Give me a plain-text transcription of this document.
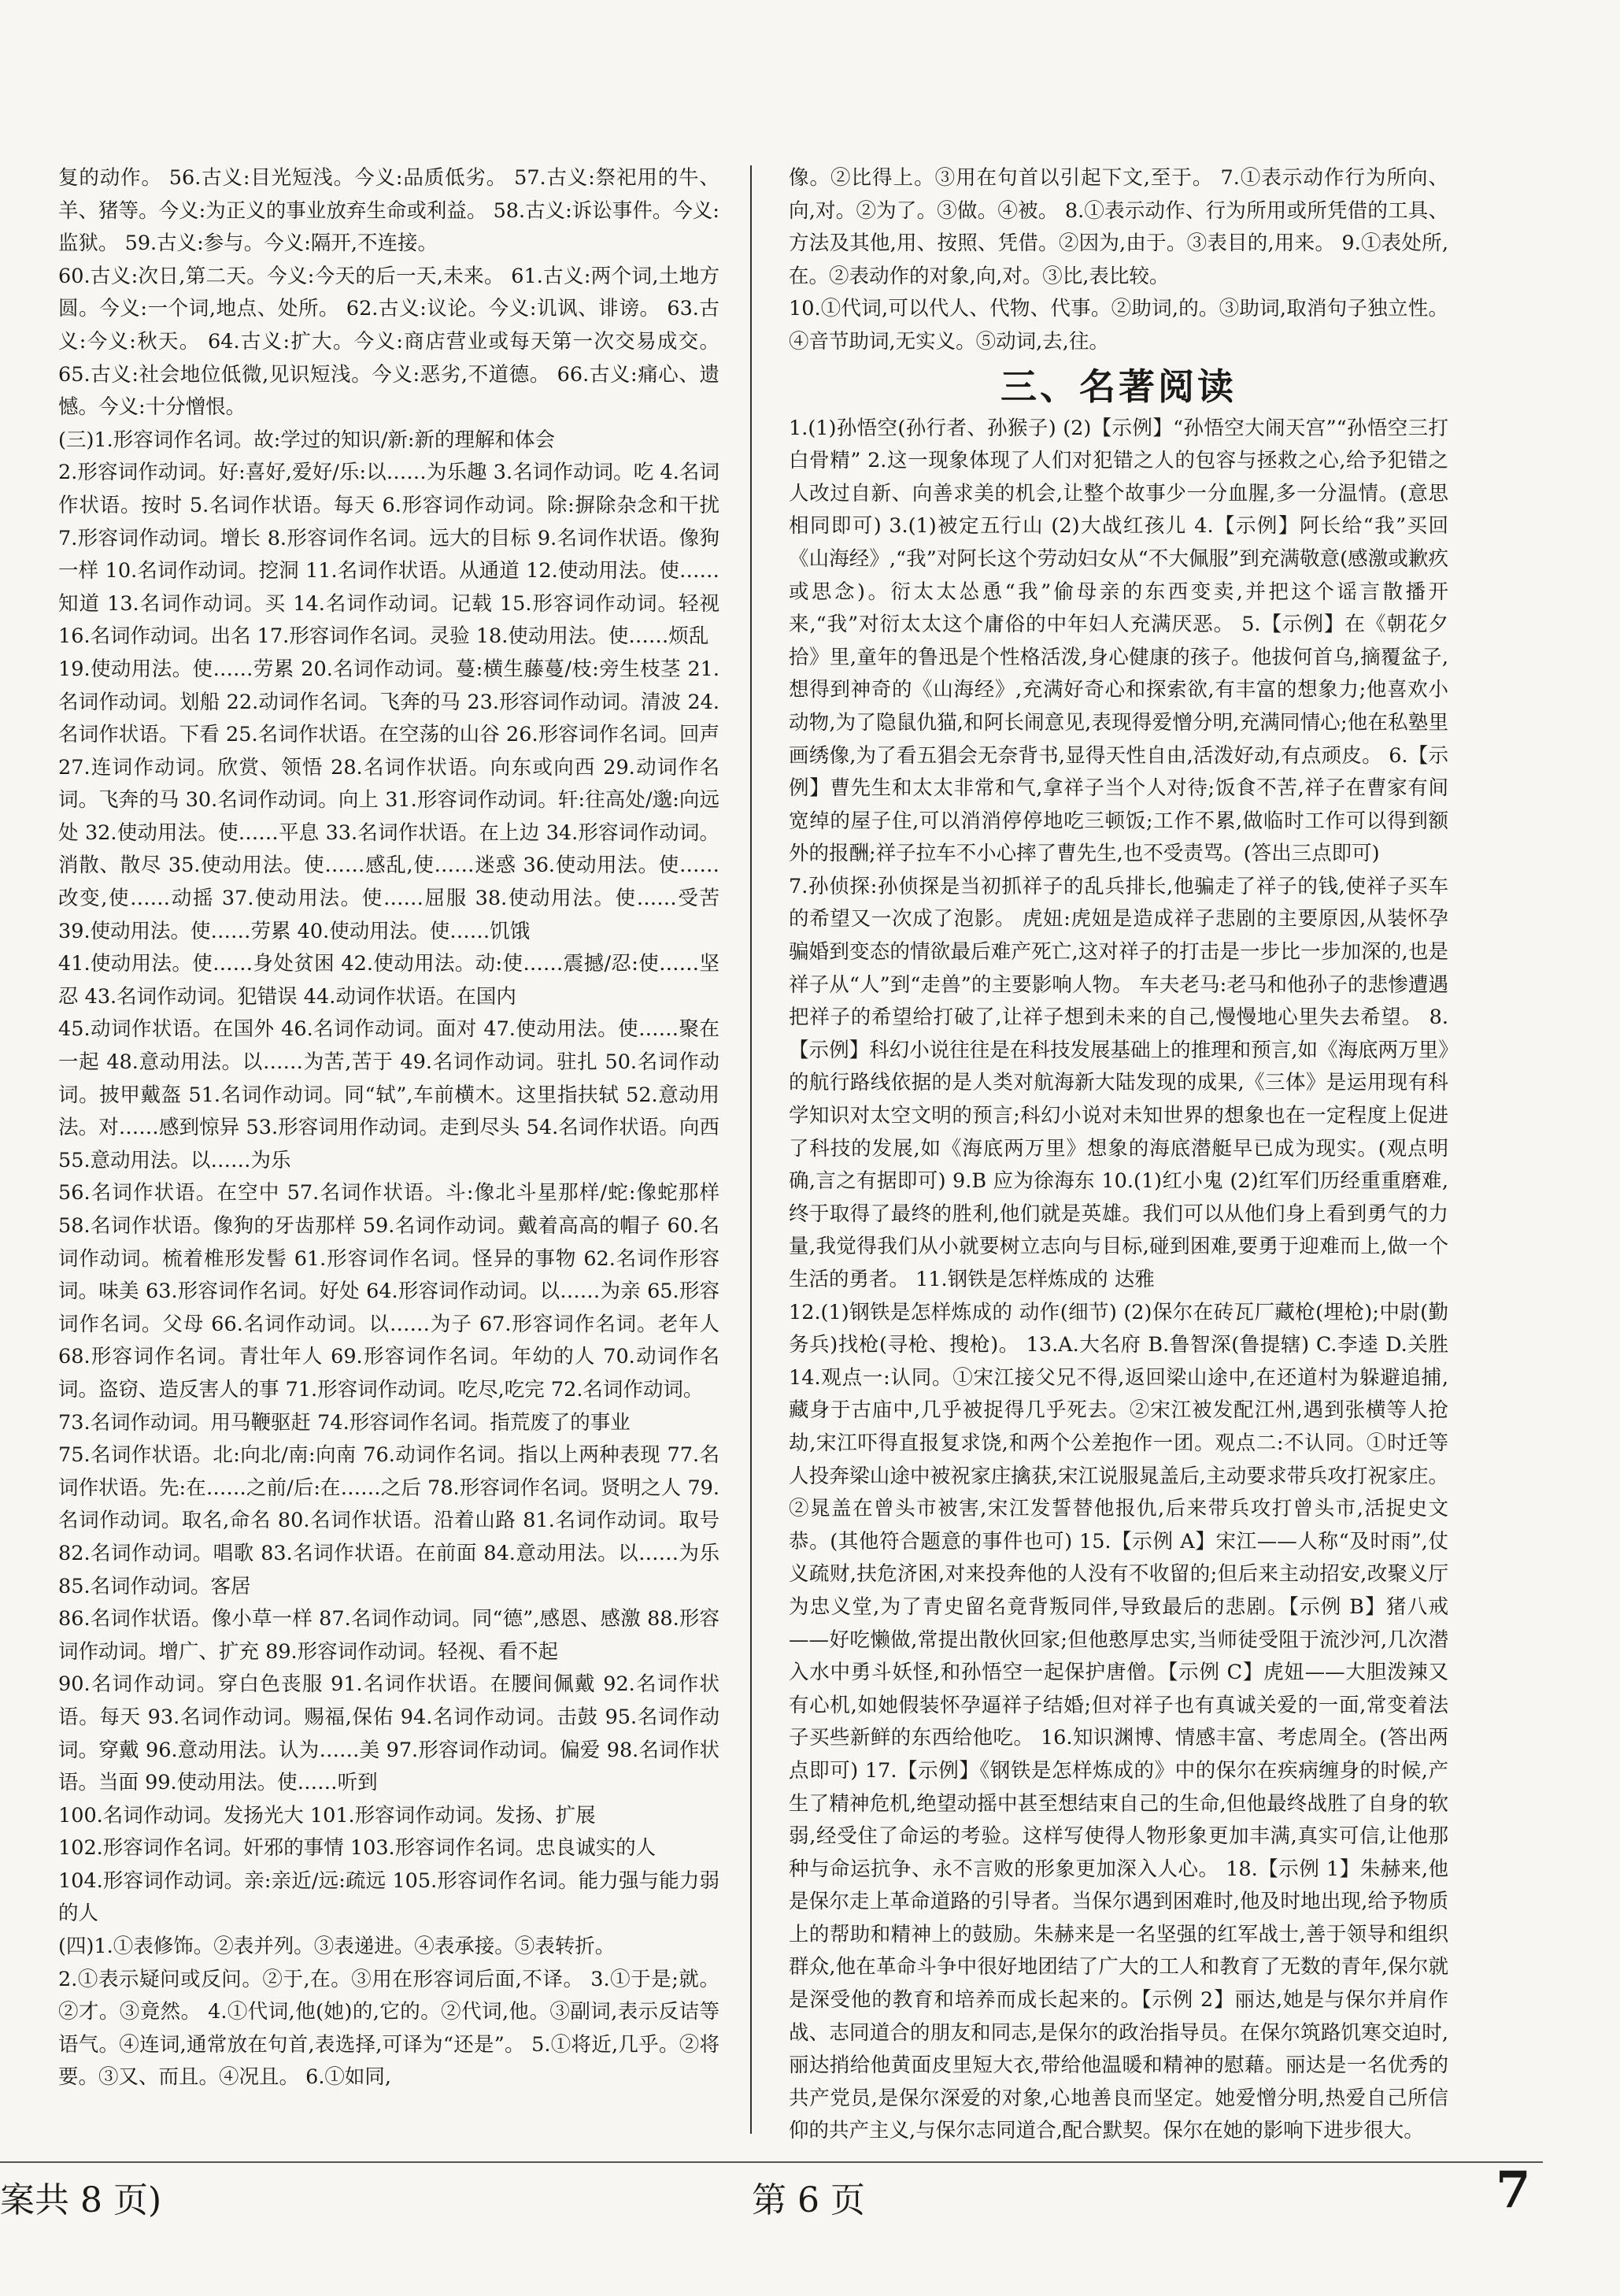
复的动作。 56.古义:目光短浅。今义:品质低劣。 57.古义:祭祀用的牛、羊、猪等。今义:为正义的事业放弃生命或利益。 58.古义:诉讼事件。今义:监狱。 59.古义:参与。今义:隔开,不连接。

60.古义:次日,第二天。今义:今天的后一天,未来。 61.古义:两个词,土地方圆。今义:一个词,地点、处所。 62.古义:议论。今义:讥讽、诽谤。 63.古义:今义:秋天。 64.古义:扩大。今义:商店营业或每天第一次交易成交。 65.古义:社会地位低微,见识短浅。今义:恶劣,不道德。 66.古义:痛心、遗憾。今义:十分憎恨。

(三)1.形容词作名词。故:学过的知识/新:新的理解和体会

2.形容词作动词。好:喜好,爱好/乐:以……为乐趣 3.名词作动词。吃 4.名词作状语。按时 5.名词作状语。每天 6.形容词作动词。除:摒除杂念和干扰 7.形容词作动词。增长 8.形容词作名词。远大的目标 9.名词作状语。像狗一样 10.名词作动词。挖洞 11.名词作状语。从通道 12.使动用法。使……知道 13.名词作动词。买 14.名词作动词。记载 15.形容词作动词。轻视 16.名词作动词。出名 17.形容词作名词。灵验 18.使动用法。使……烦乱

19.使动用法。使……劳累 20.名词作动词。蔓:横生藤蔓/枝:旁生枝茎 21.名词作动词。划船 22.动词作名词。飞奔的马 23.形容词作动词。清波 24.名词作状语。下看 25.名词作状语。在空荡的山谷 26.形容词作名词。回声 27.连词作动词。欣赏、领悟 28.名词作状语。向东或向西 29.动词作名词。飞奔的马 30.名词作动词。向上 31.形容词作动词。轩:往高处/邈:向远处 32.使动用法。使……平息 33.名词作状语。在上边 34.形容词作动词。消散、散尽 35.使动用法。使……感乱,使……迷惑 36.使动用法。使……改变,使……动摇 37.使动用法。使……屈服 38.使动用法。使……受苦 39.使动用法。使……劳累 40.使动用法。使……饥饿

41.使动用法。使……身处贫困 42.使动用法。动:使……震撼/忍:使……坚忍 43.名词作动词。犯错误 44.动词作状语。在国内

45.动词作状语。在国外 46.名词作动词。面对 47.使动用法。使……聚在一起 48.意动用法。以……为苦,苦于 49.名词作动词。驻扎 50.名词作动词。披甲戴盔 51.名词作动词。同“轼”,车前横木。这里指扶轼 52.意动用法。对……感到惊异 53.形容词用作动词。走到尽头 54.名词作状语。向西 55.意动用法。以……为乐

56.名词作状语。在空中 57.名词作状语。斗:像北斗星那样/蛇:像蛇那样 58.名词作状语。像狗的牙齿那样 59.名词作动词。戴着高高的帽子 60.名词作动词。梳着椎形发髻 61.形容词作名词。怪异的事物 62.名词作形容词。味美 63.形容词作名词。好处 64.形容词作动词。以……为亲 65.形容词作名词。父母 66.名词作动词。以……为子 67.形容词作名词。老年人 68.形容词作名词。青壮年人 69.形容词作名词。年幼的人 70.动词作名词。盗窃、造反害人的事 71.形容词作动词。吃尽,吃完 72.名词作动词。

73.名词作动词。用马鞭驱赶 74.形容词作名词。指荒废了的事业

75.名词作状语。北:向北/南:向南 76.动词作名词。指以上两种表现 77.名词作状语。先:在……之前/后:在……之后 78.形容词作名词。贤明之人 79.名词作动词。取名,命名 80.名词作状语。沿着山路 81.名词作动词。取号 82.名词作动词。唱歌 83.名词作状语。在前面 84.意动用法。以……为乐 85.名词作动词。客居

86.名词作状语。像小草一样 87.名词作动词。同“德”,感恩、感激 88.形容词作动词。增广、扩充 89.形容词作动词。轻视、看不起

90.名词作动词。穿白色丧服 91.名词作状语。在腰间佩戴 92.名词作状语。每天 93.名词作动词。赐福,保佑 94.名词作动词。击鼓 95.名词作动词。穿戴 96.意动用法。认为……美 97.形容词作动词。偏爱 98.名词作状语。当面 99.使动用法。使……听到

100.名词作动词。发扬光大 101.形容词作动词。发扬、扩展

102.形容词作名词。奸邪的事情 103.形容词作名词。忠良诚实的人

104.形容词作动词。亲:亲近/远:疏远 105.形容词作名词。能力强与能力弱的人

(四)1.①表修饰。②表并列。③表递进。④表承接。⑤表转折。

2.①表示疑问或反问。②于,在。③用在形容词后面,不译。 3.①于是;就。②才。③竟然。 4.①代词,他(她)的,它的。②代词,他。③副词,表示反诘等语气。④连词,通常放在句首,表选择,可译为“还是”。 5.①将近,几乎。②将要。③又、而且。④况且。 6.①如同,

像。②比得上。③用在句首以引起下文,至于。 7.①表示动作行为所向、向,对。②为了。③做。④被。 8.①表示动作、行为所用或所凭借的工具、方法及其他,用、按照、凭借。②因为,由于。③表目的,用来。 9.①表处所,在。②表动作的对象,向,对。③比,表比较。

10.①代词,可以代人、代物、代事。②助词,的。③助词,取消句子独立性。④音节助词,无实义。⑤动词,去,往。

三、名著阅读

1.(1)孙悟空(孙行者、孙猴子) (2)【示例】“孙悟空大闹天宫”“孙悟空三打白骨精” 2.这一现象体现了人们对犯错之人的包容与拯救之心,给予犯错之人改过自新、向善求美的机会,让整个故事少一分血腥,多一分温情。(意思相同即可) 3.(1)被定五行山 (2)大战红孩儿 4.【示例】阿长给“我”买回《山海经》,“我”对阿长这个劳动妇女从“不大佩服”到充满敬意(感激或歉疚或思念)。衍太太怂恿“我”偷母亲的东西变卖,并把这个谣言散播开来,“我”对衍太太这个庸俗的中年妇人充满厌恶。 5.【示例】在《朝花夕拾》里,童年的鲁迅是个性格活泼,身心健康的孩子。他拔何首乌,摘覆盆子,想得到神奇的《山海经》,充满好奇心和探索欲,有丰富的想象力;他喜欢小动物,为了隐鼠仇猫,和阿长闹意见,表现得爱憎分明,充满同情心;他在私塾里画绣像,为了看五猖会无奈背书,显得天性自由,活泼好动,有点顽皮。 6.【示例】曹先生和太太非常和气,拿祥子当个人对待;饭食不苦,祥子在曹家有间宽绰的屋子住,可以消消停停地吃三顿饭;工作不累,做临时工作可以得到额外的报酬;祥子拉车不小心摔了曹先生,也不受责骂。(答出三点即可)

7.孙侦探:孙侦探是当初抓祥子的乱兵排长,他骗走了祥子的钱,使祥子买车的希望又一次成了泡影。 虎妞:虎妞是造成祥子悲剧的主要原因,从装怀孕骗婚到变态的情欲最后难产死亡,这对祥子的打击是一步比一步加深的,也是祥子从“人”到“走兽”的主要影响人物。 车夫老马:老马和他孙子的悲惨遭遇把祥子的希望给打破了,让祥子想到未来的自己,慢慢地心里失去希望。 8.【示例】科幻小说往往是在科技发展基础上的推理和预言,如《海底两万里》的航行路线依据的是人类对航海新大陆发现的成果,《三体》是运用现有科学知识对太空文明的预言;科幻小说对未知世界的想象也在一定程度上促进了科技的发展,如《海底两万里》想象的海底潜艇早已成为现实。(观点明确,言之有据即可) 9.B 应为徐海东 10.(1)红小鬼 (2)红军们历经重重磨难,终于取得了最终的胜利,他们就是英雄。我们可以从他们身上看到勇气的力量,我觉得我们从小就要树立志向与目标,碰到困难,要勇于迎难而上,做一个生活的勇者。 11.钢铁是怎样炼成的 达雅

12.(1)钢铁是怎样炼成的 动作(细节) (2)保尔在砖瓦厂藏枪(埋枪);中尉(勤务兵)找枪(寻枪、搜枪)。 13.A.大名府 B.鲁智深(鲁提辖) C.李逵 D.关胜 14.观点一:认同。①宋江接父兄不得,返回梁山途中,在还道村为躲避追捕,藏身于古庙中,几乎被捉得几乎死去。②宋江被发配江州,遇到张横等人抢劫,宋江吓得直报复求饶,和两个公差抱作一团。观点二:不认同。①时迁等人投奔梁山途中被祝家庄擒获,宋江说服晁盖后,主动要求带兵攻打祝家庄。②晁盖在曾头市被害,宋江发誓替他报仇,后来带兵攻打曾头市,活捉史文恭。(其他符合题意的事件也可) 15.【示例 A】宋江——人称“及时雨”,仗义疏财,扶危济困,对来投奔他的人没有不收留的;但后来主动招安,改聚义厅为忠义堂,为了青史留名竟背叛同伴,导致最后的悲剧。【示例 B】猪八戒——好吃懒做,常提出散伙回家;但他憨厚忠实,当师徒受阻于流沙河,几次潜入水中勇斗妖怪,和孙悟空一起保护唐僧。【示例 C】虎妞——大胆泼辣又有心机,如她假装怀孕逼祥子结婚;但对祥子也有真诚关爱的一面,常变着法子买些新鲜的东西给他吃。 16.知识渊博、情感丰富、考虑周全。(答出两点即可) 17.【示例】《钢铁是怎样炼成的》中的保尔在疾病缠身的时候,产生了精神危机,绝望动摇中甚至想结束自己的生命,但他最终战胜了自身的软弱,经受住了命运的考验。这样写使得人物形象更加丰满,真实可信,让他那种与命运抗争、永不言败的形象更加深入人心。 18.【示例 1】朱赫来,他是保尔走上革命道路的引导者。当保尔遇到困难时,他及时地出现,给予物质上的帮助和精神上的鼓励。朱赫来是一名坚强的红军战士,善于领导和组织群众,他在革命斗争中很好地团结了广大的工人和教育了无数的青年,保尔就是深受他的教育和培养而成长起来的。【示例 2】丽达,她是与保尔并肩作战、志同道合的朋友和同志,是保尔的政治指导员。在保尔筑路饥寒交迫时,丽达捎给他黄面皮里短大衣,带给他温暖和精神的慰藉。丽达是一名优秀的共产党员,是保尔深爱的对象,心地善良而坚定。她爱憎分明,热爱自己所信仰的共产主义,与保尔志同道合,配合默契。保尔在她的影响下进步很大。

案共 8 页)	第 6 页	7
